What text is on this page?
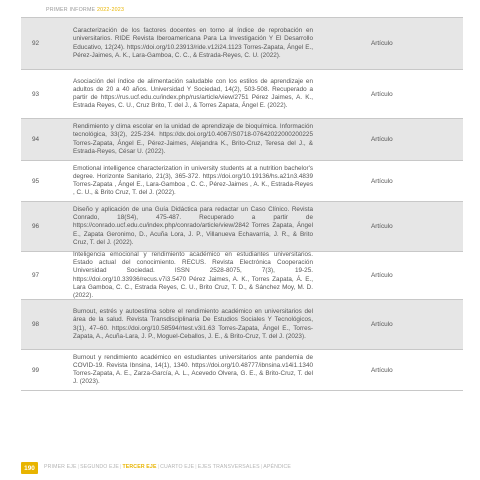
PRIMER INFORME 2022-2023
92
Caracterización de los factores docentes en torno al índice de reprobación en universitarios. RIDE Revista Iberoamericana Para La Investigación Y El Desarrollo Educativo, 12(24). https://doi.org/10.23913/ride.v12i24.1123 Torres-Zapata, Ángel E., Pérez-Jaimes, A. K., Lara-Gamboa, C. C., & Estrada-Reyes, C. U. (2022).
Artículo
93
Asociación del índice de alimentación saludable con los estilos de aprendizaje en adultos de 20 a 40 años. Universidad Y Sociedad, 14(2), 503-508. Recuperado a partir de https://rus.ucf.edu.cu/index.php/rus/article/view/2751 Pérez Jaimes, A. K., Estrada Reyes, C. U., Cruz Brito, T. del J., & Torres Zapata, Ángel E. (2022).
Artículo
94
Rendimiento y clima escolar en la unidad de aprendizaje de bioquímica. Información tecnológica, 33(2), 225-234. https://dx.doi.org/10.4067/S0718-07642022000200225 Torres-Zapata, Ángel E., Pérez-Jaimes, Alejandra K., Brito-Cruz, Teresa del J., & Estrada-Reyes, César U. (2022).
Artículo
95
Emotional intelligence characterization in university students at a nutrition bachelor's degree. Horizonte Sanitario, 21(3), 365-372. https://doi.org/10.19136/hs.a21n3.4839 Torres-Zapata , Ángel E., Lara-Gamboa , C. C., Pérez-Jaimes , A. K., Estrada-Reyes , C. U., & Brito Cruz, T. del J. (2022).
Artículo
96
Diseño y aplicación de una Guía Didáctica para redactar un Caso Clínico. Revista Conrado, 18(S4), 475-487. Recuperado a partir de https://conrado.ucf.edu.cu/index.php/conrado/article/view/2842 Torres Zapata, Ángel E., Zapata Geronimo, D., Acuña Lora, J. P., Villanueva Echavarría, J. R., & Brito Cruz, T. del J. (2022).
Artículo
97
Inteligencia emocional y rendimiento académico en estudiantes universitarios. Estado actual del conocimiento. RECUS. Revista Electrónica Cooperación Universidad Sociedad. ISSN 2528-8075, 7(3), 19-25. https://doi.org/10.33936/recus.v7i3.5470 Pérez Jaimes, A. K., Torres Zapata, Á. E., Lara Gamboa, C. C., Estrada Reyes, C. U., Brito Cruz, T. D., & Sánchez Moy, M. D. (2022).
Artículo
98
Burnout, estrés y autoestima sobre el rendimiento académico en universitarios del área de la salud. Revista Transdisciplinaria De Estudios Sociales Y Tecnológicos, 3(1), 47–60. https://doi.org/10.58594/rtest.v3i1.63 Torres-Zapata, Ángel E., Torres-Zapata, A., Acuña-Lara, J. P., Moguel-Ceballos, J. E., & Brito-Cruz, T. del J. (2023).
Artículo
99
Burnout y rendimiento académico en estudiantes universitarios ante pandemia de COVID-19. Revista Ibnsina, 14(1), 1340. https://doi.org/10.48777/ibnsina.v14i1.1340 Torres-Zapata, A. E., Zarza-García, A. L., Acevedo Olvera, G. E., & Brito-Cruz, T. del J. (2023).
Artículo
190	PRIMER EJE|SEGUNDO EJE|TERCER EJE|CUARTO EJE|EJES TRANSVERSALES|APÉNDICE
